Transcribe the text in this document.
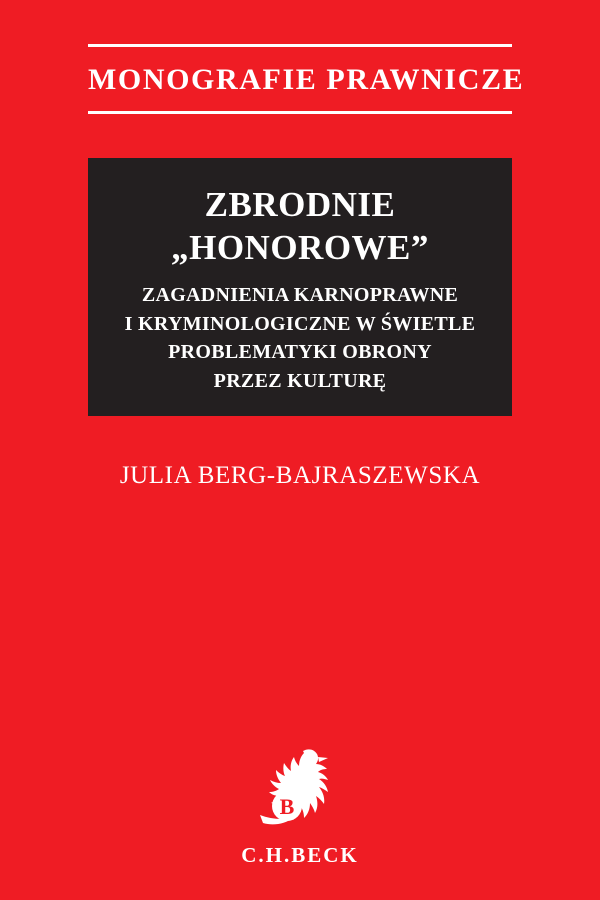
MONOGRAFIE PRAWNICZE
ZBRODNIE
„HONOROWE”
ZAGADNIENIA KARNOPRAWNE
I KRYMINOLOGICZNE W ŚWIETLE
PROBLEMATYKI OBRONY
PRZEZ KULTURĘ
JULIA BERG-BAJRASZEWSKA
B
C.H.BECK
